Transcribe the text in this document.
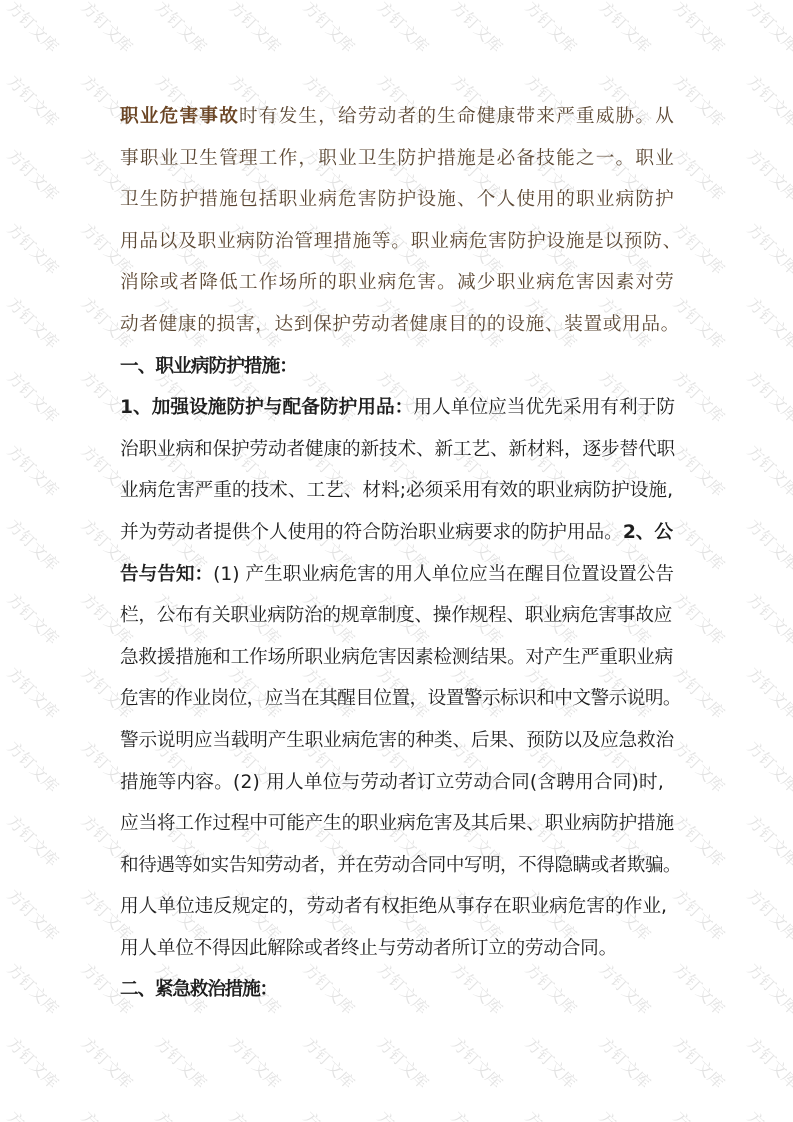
职业危害事故时有发生，给劳动者的生命健康带来严重威胁。从
事职业卫生管理工作，职业卫生防护措施是必备技能之一。职业
卫生防护措施包括职业病危害防护设施、个人使用的职业病防护
用品以及职业病防治管理措施等。职业病危害防护设施是以预防、
消除或者降低工作场所的职业病危害。减少职业病危害因素对劳
动者健康的损害，达到保护劳动者健康目的的设施、装置或用品。
一、职业病防护措施：
1、加强设施防护与配备防护用品：用人单位应当优先采用有利于防
治职业病和保护劳动者健康的新技术、新工艺、新材料，逐步替代职
业病危害严重的技术、工艺、材料;必须采用有效的职业病防护设施,
并为劳动者提供个人使用的符合防治职业病要求的防护用品。2、公
告与告知：(1) 产生职业病危害的用人单位应当在醒目位置设置公告
栏，公布有关职业病防治的规章制度、操作规程、职业病危害事故应
急救援措施和工作场所职业病危害因素检测结果。对产生严重职业病
危害的作业岗位，应当在其醒目位置，设置警示标识和中文警示说明。
警示说明应当载明产生职业病危害的种类、后果、预防以及应急救治
措施等内容。(2) 用人单位与劳动者订立劳动合同(含聘用合同)时,
应当将工作过程中可能产生的职业病危害及其后果、职业病防护措施
和待遇等如实告知劳动者，并在劳动合同中写明，不得隐瞒或者欺骗。
用人单位违反规定的，劳动者有权拒绝从事存在职业病危害的作业,
用人单位不得因此解除或者终止与劳动者所订立的劳动合同。
二、紧急救治措施：
